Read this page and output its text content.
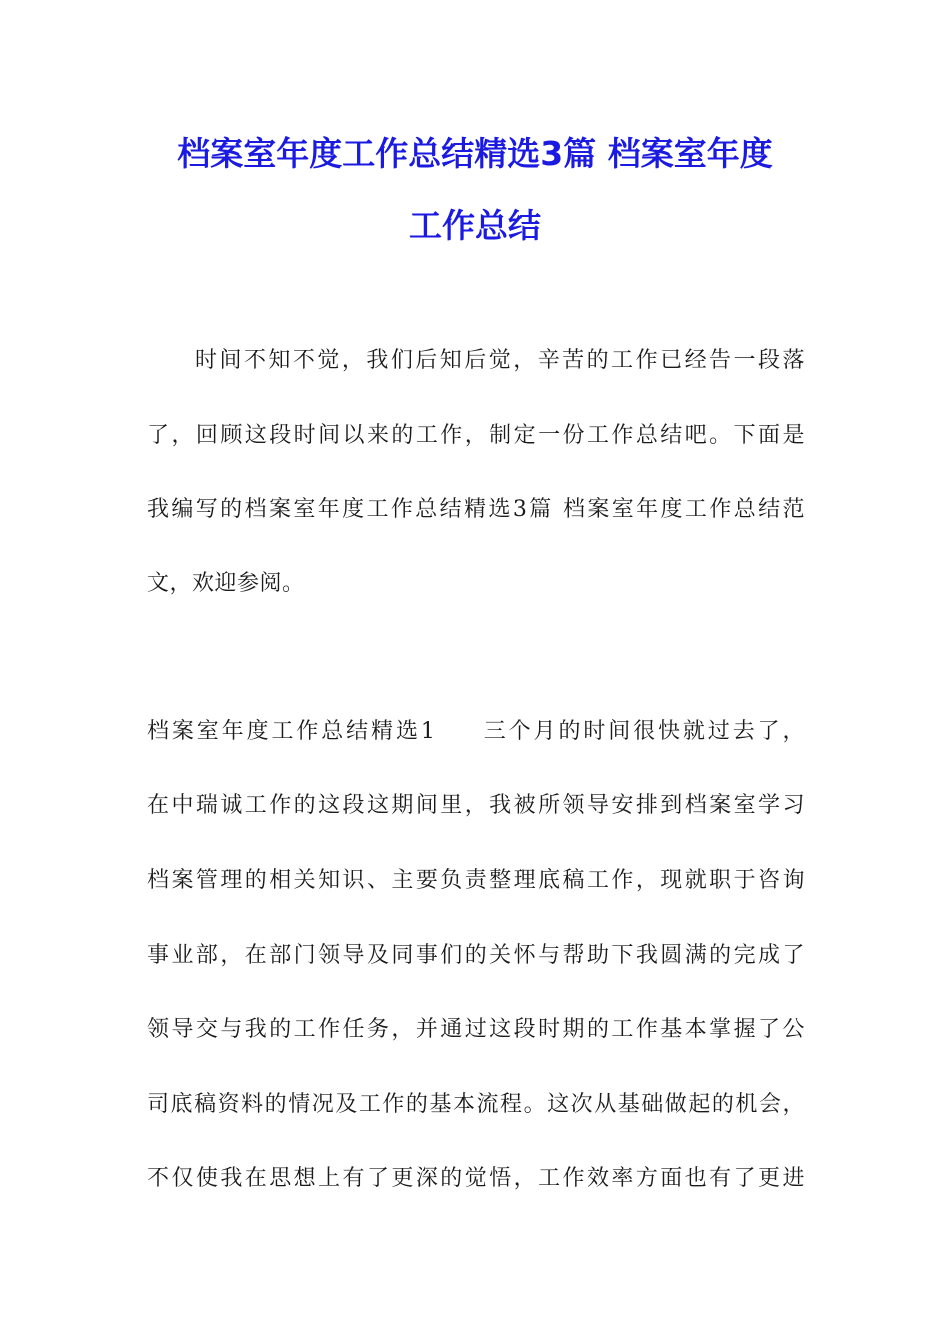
档案室年度工作总结精选3篇 档案室年度
工作总结
时间不知不觉，我们后知后觉，辛苦的工作已经告一段落
了，回顾这段时间以来的工作，制定一份工作总结吧。下面是
我编写的档案室年度工作总结精选3篇 档案室年度工作总结范
文，欢迎参阅。
档案室年度工作总结精选1 三个月的时间很快就过去了，
在中瑞诚工作的这段这期间里，我被所领导安排到档案室学习
档案管理的相关知识、主要负责整理底稿工作，现就职于咨询
事业部，在部门领导及同事们的关怀与帮助下我圆满的完成了
领导交与我的工作任务，并通过这段时期的工作基本掌握了公
司底稿资料的情况及工作的基本流程。这次从基础做起的机会，
不仅使我在思想上有了更深的觉悟，工作效率方面也有了更进
